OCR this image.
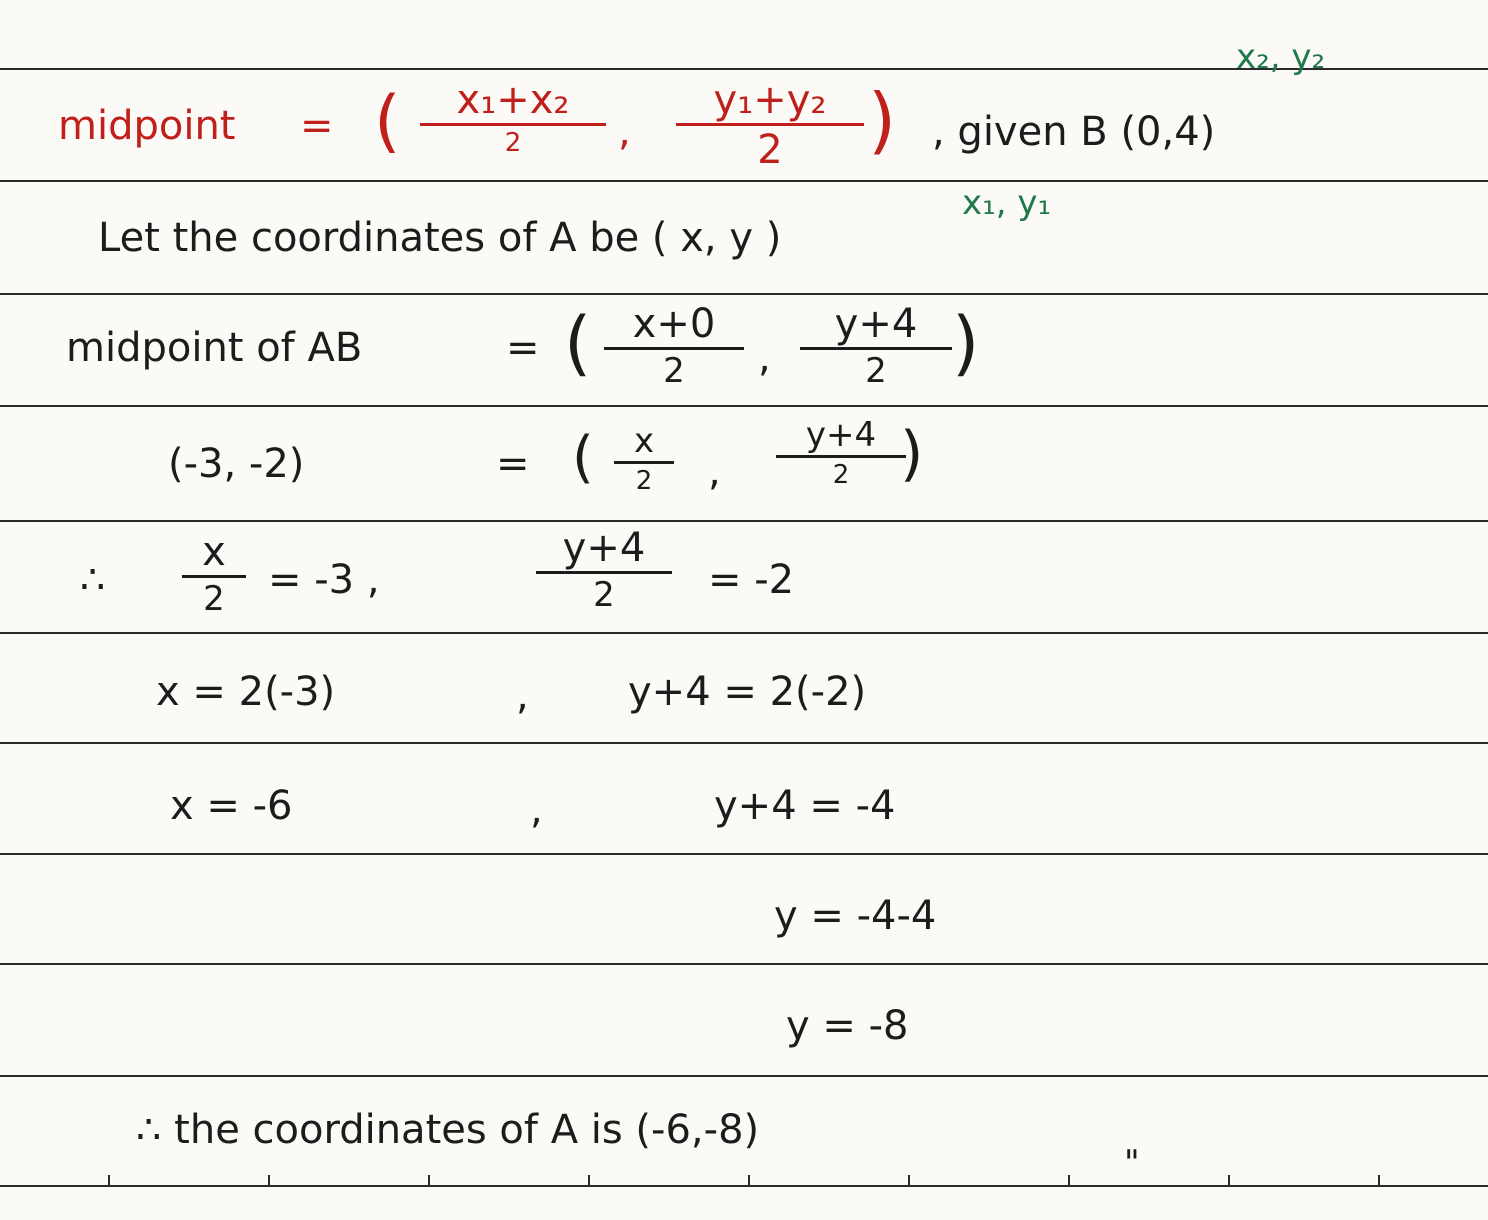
midpoint = ( x₁+x₂
2 ,
y₁+y₂
2 ) , given B (0,4)
x₂, y₂
Let the coordinates of A be ( x, y )
x₁, y₁
midpoint of AB	= ( x+0
2 ,
y+4
2 )
(-3, -2)	= ( x
2 ,
y+4
2 )
∴
x
2 = -3 ,
y+4
2 = -2
x = 2(-3)	, y+4 = 2(-2)
x = -6	,	y+4 = -4
y = -4-4
y = -8
∴ the coordinates of A is (-6,-8)
"
